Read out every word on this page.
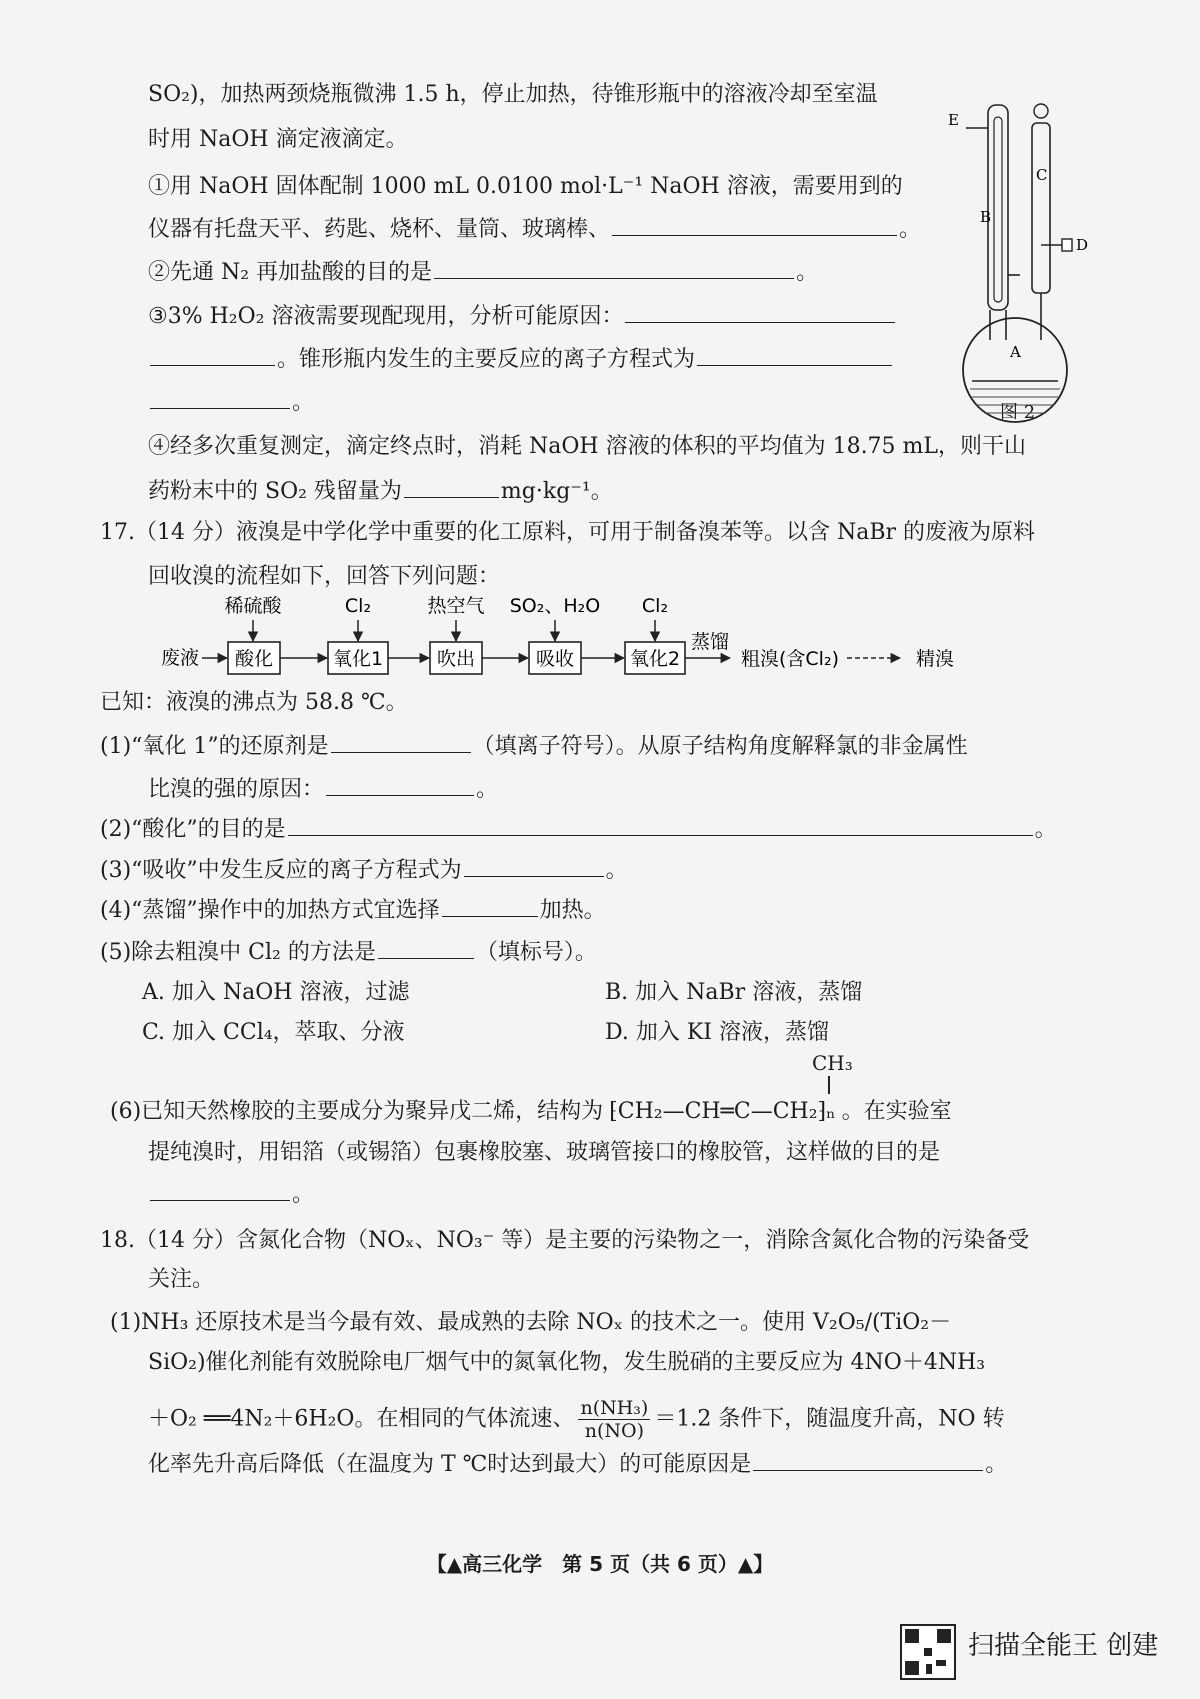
SO₂)，加热两颈烧瓶微沸 1.5 h，停止加热，待锥形瓶中的溶液冷却至室温
时用 NaOH 滴定液滴定。
①用 NaOH 固体配制 1000 mL 0.0100 mol·L⁻¹ NaOH 溶液，需要用到的
仪器有托盘天平、药匙、烧杯、量筒、玻璃棒、	。
②先通 N₂ 再加盐酸的目的是	。
③3% H₂O₂ 溶液需要现配现用，分析可能原因：
。锥形瓶内发生的主要反应的离子方程式为
。
④经多次重复测定，滴定终点时，消耗 NaOH 溶液的体积的平均值为 18.75 mL，则干山
药粉末中的 SO₂ 残留量为	mg·kg⁻¹。
E
B
C
D
A
图 2
17.（14 分）液溴是中学化学中重要的化工原料，可用于制备溴苯等。以含 NaBr 的废液为原料
回收溴的流程如下，回答下列问题：
稀硫酸	Cl₂	热空气 SO₂、H₂O Cl₂
废液 酸化	氧化1	吹出	吸收	氧化2
蒸馏
粗溴(含Cl₂)	精溴
已知：液溴的沸点为 58.8 ℃。
(1)“氧化 1”的还原剂是	（填离子符号）。从原子结构角度解释氯的非金属性
比溴的强的原因：	。
(2)“酸化”的目的是	。
(3)“吸收”中发生反应的离子方程式为	。
(4)“蒸馏”操作中的加热方式宜选择	加热。
(5)除去粗溴中 Cl₂ 的方法是	（填标号）。
A. 加入 NaOH 溶液，过滤	B. 加入 NaBr 溶液，蒸馏
C. 加入 CCl₄，萃取、分液	D. 加入 KI 溶液，蒸馏
CH₃
(6)已知天然橡胶的主要成分为聚异戊二烯，结构为 ⁅CH₂—CH═C—CH₂⁆ₙ 。在实验室
提纯溴时，用铝箔（或锡箔）包裹橡胶塞、玻璃管接口的橡胶管，这样做的目的是
。
18.（14 分）含氮化合物（NOₓ、NO₃⁻ 等）是主要的污染物之一，消除含氮化合物的污染备受
关注。
(1)NH₃ 还原技术是当今最有效、最成熟的去除 NOₓ 的技术之一。使用 V₂O₅/(TiO₂－
SiO₂)催化剂能有效脱除电厂烟气中的氮氧化物，发生脱硝的主要反应为 4NO＋4NH₃
＋O₂ ══4N₂＋6H₂O。在相同的气体流速、 $\frac{\text{n(NH₃)}}{n(NO)} =1.2$ 条件下，随温度升高，NO 转
化率先升高后降低（在温度为 T ℃时达到最大）的可能原因是	。
【▲高三化学　第 5 页（共 6 页）▲】
扫描全能王 创建
